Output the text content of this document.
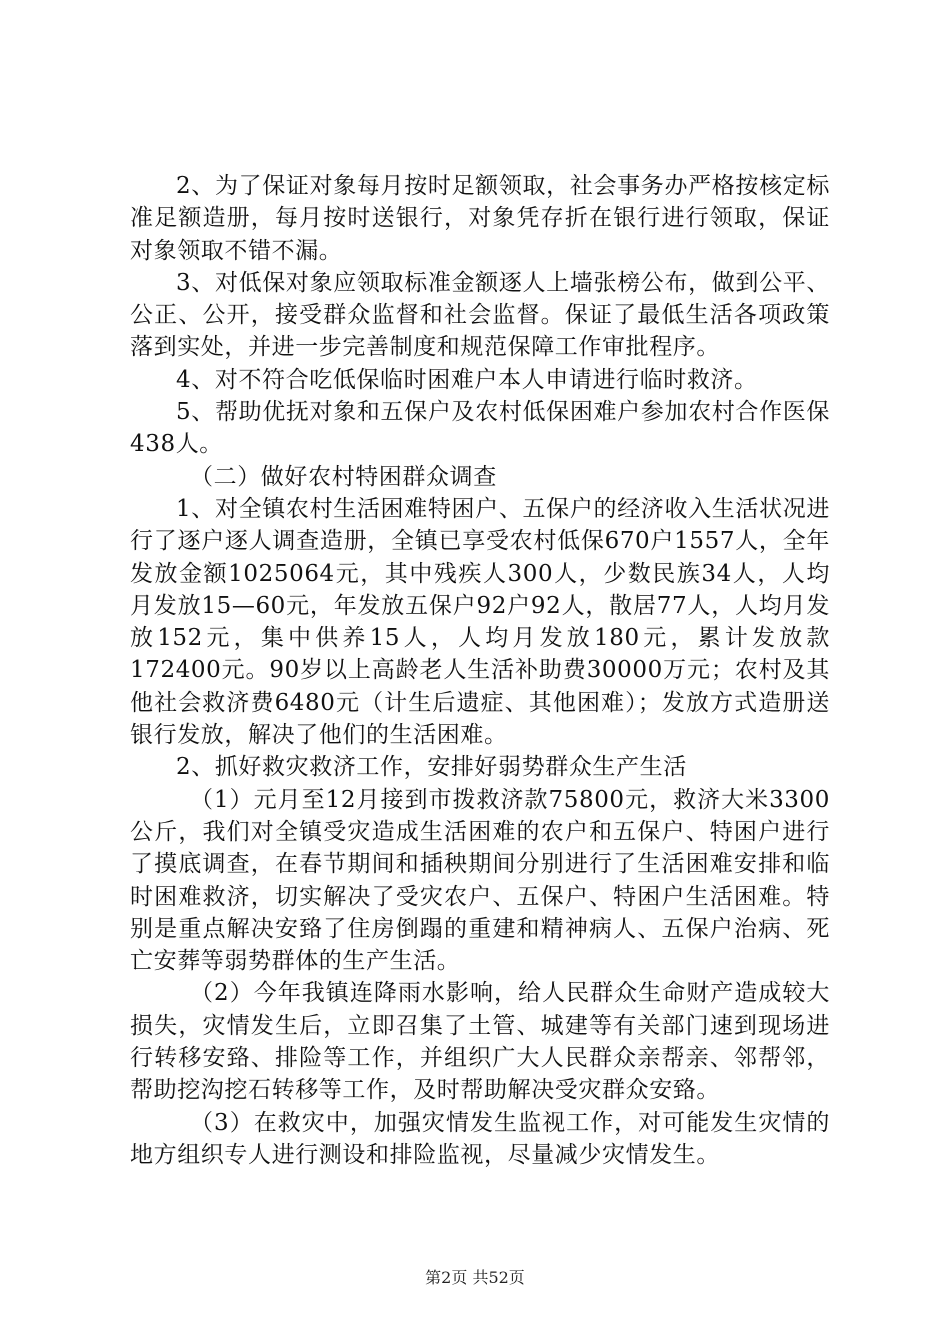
2、为了保证对象每月按时足额领取，社会事务办严格按核定标准足额造册，每月按时送银行，对象凭存折在银行进行领取，保证对象领取不错不漏。

3、对低保对象应领取标准金额逐人上墙张榜公布，做到公平、公正、公开，接受群众监督和社会监督。保证了最低生活各项政策落到实处，并进一步完善制度和规范保障工作审批程序。

4、对不符合吃低保临时困难户本人申请进行临时救济。

5、帮助优抚对象和五保户及农村低保困难户参加农村合作医保438人。

（二）做好农村特困群众调查

1、对全镇农村生活困难特困户、五保户的经济收入生活状况进行了逐户逐人调查造册，全镇已享受农村低保670户1557人，全年发放金额1025064元，其中残疾人300人，少数民族34人，人均月发放15—60元，年发放五保户92户92人，散居77人，人均月发放152元，集中供养15人，人均月发放180元，累计发放款172400元。90岁以上高龄老人生活补助费30000万元；农村及其他社会救济费6480元（计生后遗症、其他困难）；发放方式造册送银行发放，解决了他们的生活困难。

2、抓好救灾救济工作，安排好弱势群众生产生活

（1）元月至12月接到市拨救济款75800元，救济大米3300公斤，我们对全镇受灾造成生活困难的农户和五保户、特困户进行了摸底调查，在春节期间和插秧期间分别进行了生活困难安排和临时困难救济，切实解决了受灾农户、五保户、特困户生活困难。特别是重点解决安臵了住房倒蹋的重建和精神病人、五保户治病、死亡安葬等弱势群体的生产生活。

（2）今年我镇连降雨水影响，给人民群众生命财产造成较大损失，灾情发生后，立即召集了土管、城建等有关部门速到现场进行转移安臵、排险等工作，并组织广大人民群众亲帮亲、邻帮邻，帮助挖沟挖石转移等工作，及时帮助解决受灾群众安臵。

（3）在救灾中，加强灾情发生监视工作，对可能发生灾情的地方组织专人进行测设和排险监视，尽量减少灾情发生。

第2页 共52页
